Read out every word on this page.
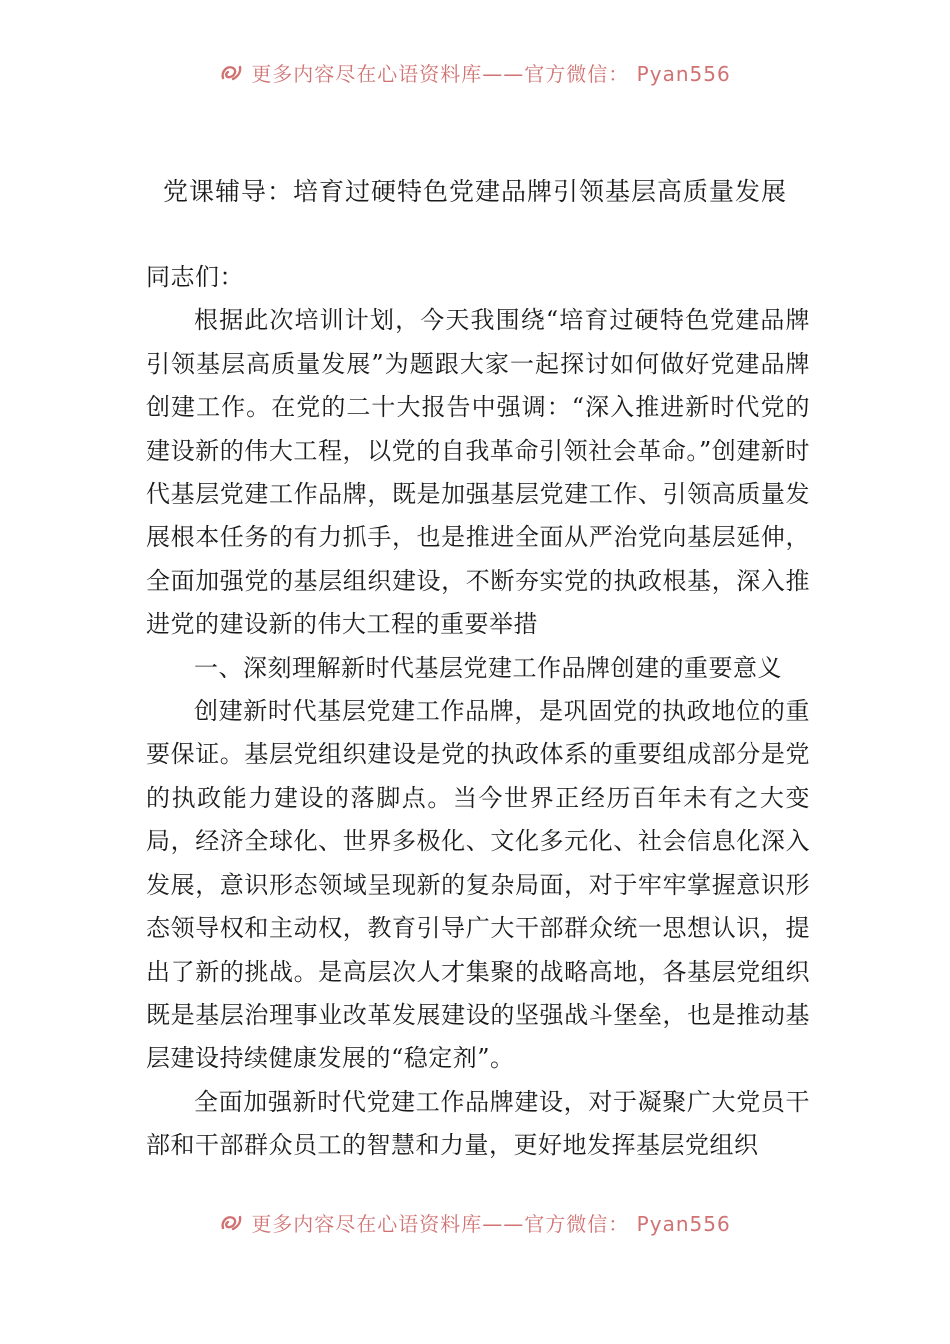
更多内容尽在心语资料库——官方微信： Pyan556
党课辅导：培育过硬特色党建品牌引领基层高质量发展

同志们：

根据此次培训计划，今天我围绕“培育过硬特色党建品牌引领基层高质量发展”为题跟大家一起探讨如何做好党建品牌创建工作。在党的二十大报告中强调：“深入推进新时代党的建设新的伟大工程，以党的自我革命引领社会革命。”创建新时代基层党建工作品牌，既是加强基层党建工作、引领高质量发展根本任务的有力抓手，也是推进全面从严治党向基层延伸，全面加强党的基层组织建设，不断夯实党的执政根基，深入推进党的建设新的伟大工程的重要举措

一、深刻理解新时代基层党建工作品牌创建的重要意义

创建新时代基层党建工作品牌，是巩固党的执政地位的重要保证。基层党组织建设是党的执政体系的重要组成部分是党的执政能力建设的落脚点。当今世界正经历百年未有之大变局，经济全球化、世界多极化、文化多元化、社会信息化深入发展，意识形态领域呈现新的复杂局面，对于牢牢掌握意识形态领导权和主动权，教育引导广大干部群众统一思想认识，提出了新的挑战。是高层次人才集聚的战略高地，各基层党组织既是基层治理事业改革发展建设的坚强战斗堡垒，也是推动基层建设持续健康发展的“稳定剂”。

全面加强新时代党建工作品牌建设，对于凝聚广大党员干部和干部群众员工的智慧和力量，更好地发挥基层党组织

更多内容尽在心语资料库——官方微信： Pyan556
